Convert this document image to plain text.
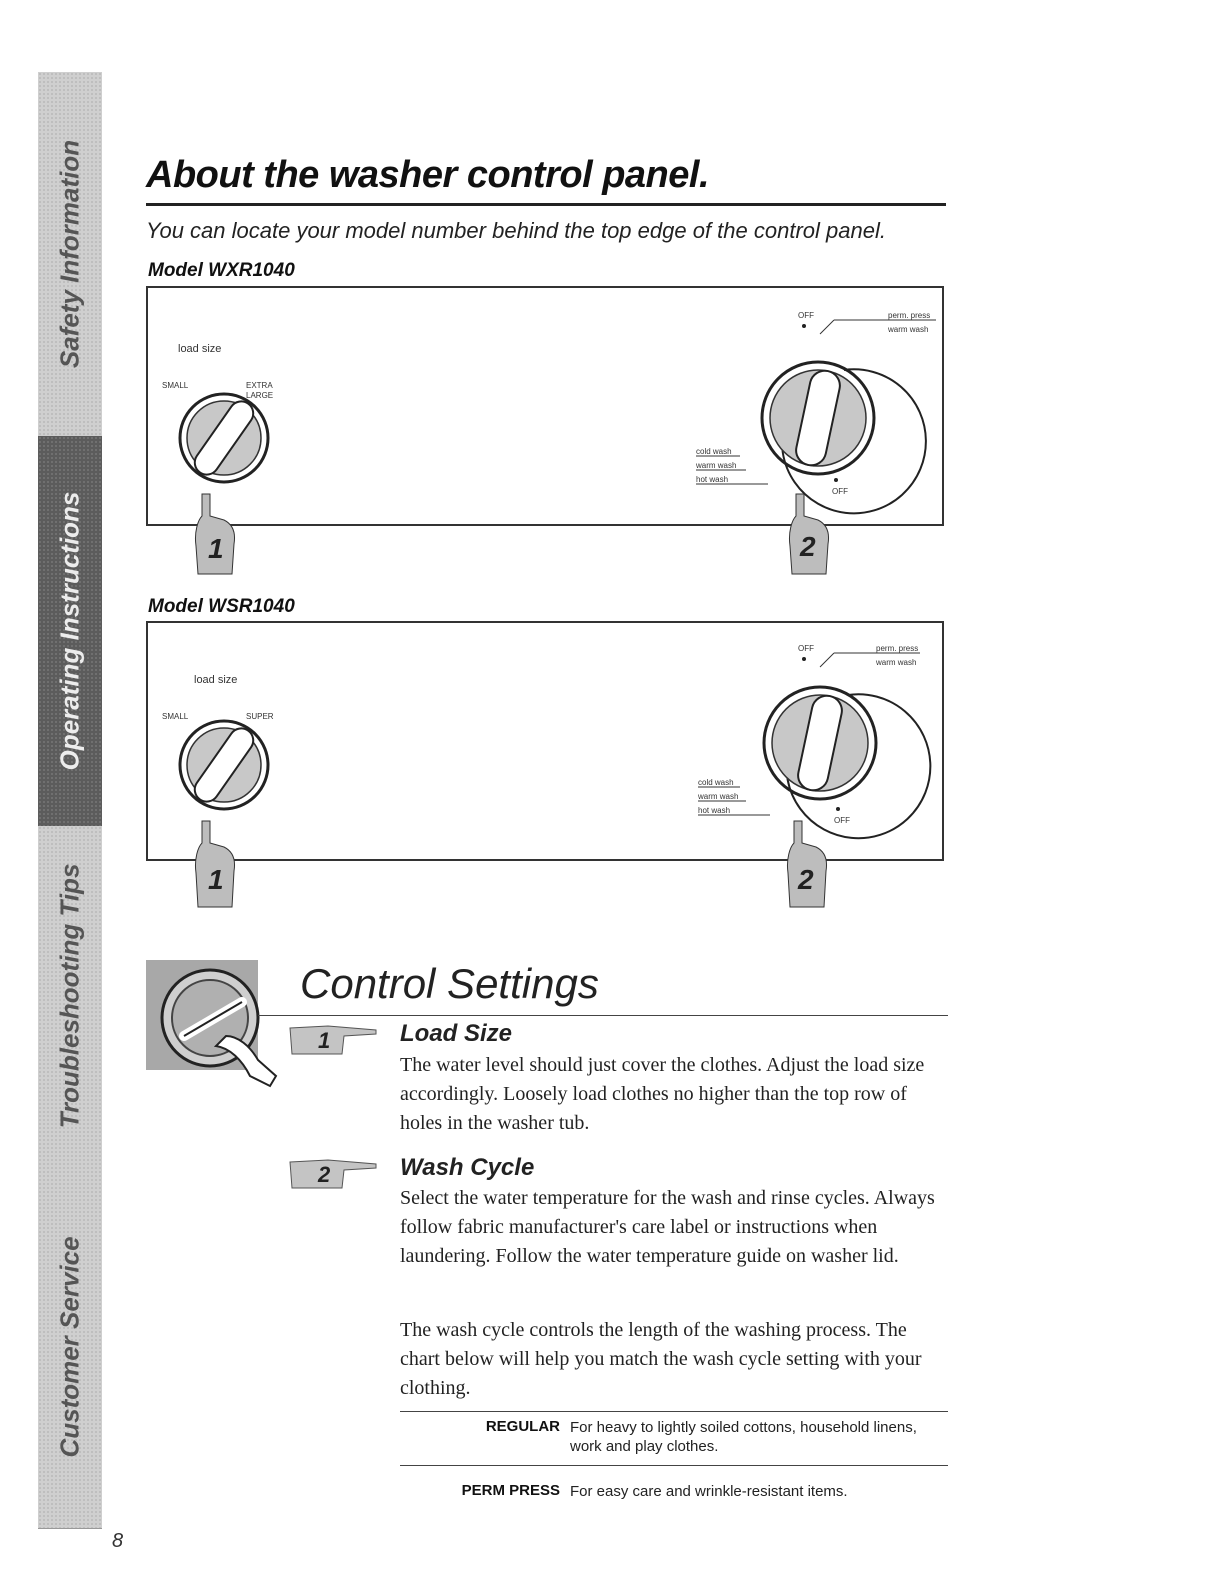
Safety Information
Operating Instructions
Troubleshooting Tips
Customer Service
8
About the washer control panel.
You can locate your model number behind the top edge of the control panel.
Model WXR1040
load size
SMALL	EXTRA
LARGE
OFF	perm. press
warm wash
cold wash
warm wash
hot wash
OFF
1	2
Model WSR1040
load size
SMALL	SUPER
OFF	perm. press
warm wash
cold wash
warm wash
hot wash
OFF
1	2
Control Settings
1	Load Size

The water level should just cover the clothes. Adjust the load size accordingly. Loosely load clothes no higher than the top row of holes in the washer tub.

2	Wash Cycle

Select the water temperature for the wash and rinse cycles. Always follow fabric manufacturer's care label or instructions when laundering. Follow the water temperature guide on washer lid.

The wash cycle controls the length of the washing process. The chart below will help you match the wash cycle setting with your clothing.

REGULAR For heavy to lightly soiled cottons, household linens, work and play clothes.
PERM PRESS For easy care and wrinkle-resistant items.
